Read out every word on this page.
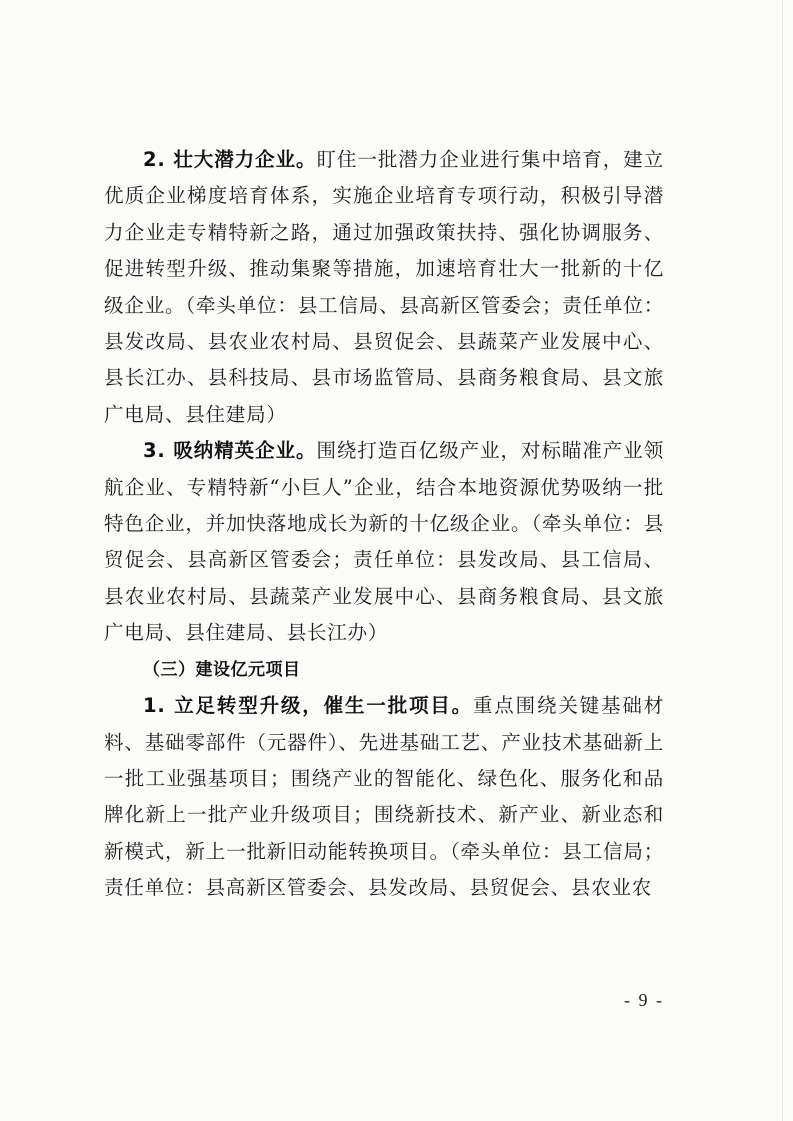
2. 壮大潜力企业。盯住一批潜力企业进行集中培育，建立优质企业梯度培育体系，实施企业培育专项行动，积极引导潜力企业走专精特新之路，通过加强政策扶持、强化协调服务、促进转型升级、推动集聚等措施，加速培育壮大一批新的十亿级企业。（牵头单位：县工信局、县高新区管委会；责任单位：县发改局、县农业农村局、县贸促会、县蔬菜产业发展中心、县长江办、县科技局、县市场监管局、县商务粮食局、县文旅广电局、县住建局）

3. 吸纳精英企业。围绕打造百亿级产业，对标瞄准产业领航企业、专精特新“小巨人”企业，结合本地资源优势吸纳一批特色企业，并加快落地成长为新的十亿级企业。（牵头单位：县贸促会、县高新区管委会；责任单位：县发改局、县工信局、县农业农村局、县蔬菜产业发展中心、县商务粮食局、县文旅广电局、县住建局、县长江办）

（三）建设亿元项目

1. 立足转型升级，催生一批项目。重点围绕关键基础材料、基础零部件（元器件）、先进基础工艺、产业技术基础新上一批工业强基项目；围绕产业的智能化、绿色化、服务化和品牌化新上一批产业升级项目；围绕新技术、新产业、新业态和新模式，新上一批新旧动能转换项目。（牵头单位：县工信局；责任单位：县高新区管委会、县发改局、县贸促会、县农业农

- 9 -
